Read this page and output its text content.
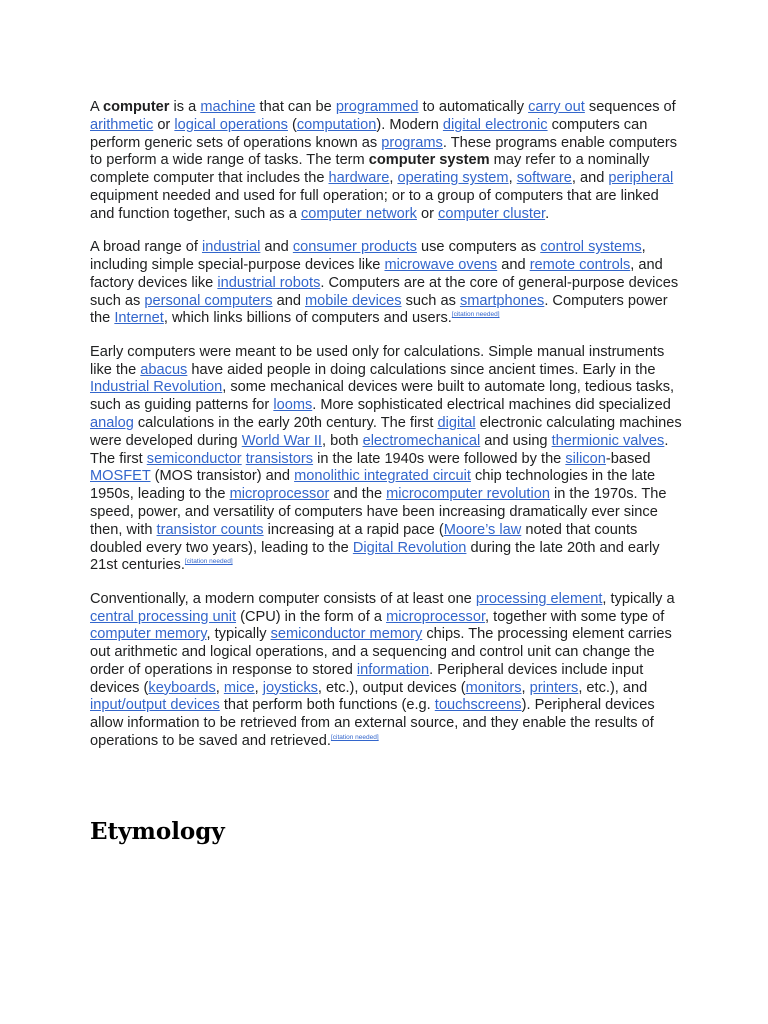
A computer is a machine that can be programmed to automatically carry out sequences of arithmetic or logical operations (computation). Modern digital electronic computers can perform generic sets of operations known as programs. These programs enable computers to perform a wide range of tasks. The term computer system may refer to a nominally complete computer that includes the hardware, operating system, software, and peripheral equipment needed and used for full operation; or to a group of computers that are linked and function together, such as a computer network or computer cluster.

A broad range of industrial and consumer products use computers as control systems, including simple special-purpose devices like microwave ovens and remote controls, and factory devices like industrial robots. Computers are at the core of general-purpose devices such as personal computers and mobile devices such as smartphones. Computers power the Internet, which links billions of computers and users.[citation needed]

Early computers were meant to be used only for calculations. Simple manual instruments like the abacus have aided people in doing calculations since ancient times. Early in the Industrial Revolution, some mechanical devices were built to automate long, tedious tasks, such as guiding patterns for looms. More sophisticated electrical machines did specialized analog calculations in the early 20th century. The first digital electronic calculating machines were developed during World War II, both electromechanical and using thermionic valves. The first semiconductor transistors in the late 1940s were followed by the silicon-based MOSFET (MOS transistor) and monolithic integrated circuit chip technologies in the late 1950s, leading to the microprocessor and the microcomputer revolution in the 1970s. The speed, power, and versatility of computers have been increasing dramatically ever since then, with transistor counts increasing at a rapid pace (Moore’s law noted that counts doubled every two years), leading to the Digital Revolution during the late 20th and early 21st centuries.[citation needed]

Conventionally, a modern computer consists of at least one processing element, typically a central processing unit (CPU) in the form of a microprocessor, together with some type of computer memory, typically semiconductor memory chips. The processing element carries out arithmetic and logical operations, and a sequencing and control unit can change the order of operations in response to stored information. Peripheral devices include input devices (keyboards, mice, joysticks, etc.), output devices (monitors, printers, etc.), and input/output devices that perform both functions (e.g. touchscreens). Peripheral devices allow information to be retrieved from an external source, and they enable the results of operations to be saved and retrieved.[citation needed]

Etymology
